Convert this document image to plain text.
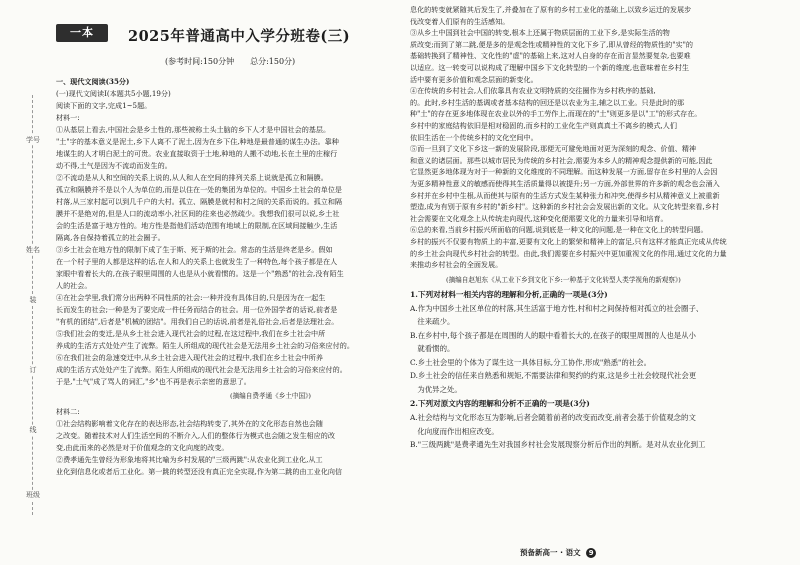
学号
姓名
装
订
线
班级
一本	2025年普通高中入学分班卷(三)
(参考时间:150分钟　　总分:150分)
一、现代文阅读(35分)
(一)现代文阅读Ⅰ(本题共5小题,19分)
阅读下面的文字,完成1~5题。
材料一:
①从基层上看去,中国社会是乡土性的,那些被称土头土脑的乡下人才是中国社会的基层。
"土"字的基本意义是泥土,乡下人离不了泥土,因为在乡下住,种地是最普通的谋生办法。靠种
地谋生的人才明白泥土的可贵。农业直接取资于土地,种地的人搬不动地,长在土里的庄稼行
动不得,土气是因为不流动而发生的。
②不流动是从人和空间的关系上说的,从人和人在空间的排列关系上说就是孤立和隔膜。
孤立和隔膜并不是以个人为单位的,而是以住在一处的集团为单位的。中国乡土社会的单位是
村落,从三家村起可以到几千户的大村。孤立、隔膜是就村和村之间的关系而说的。孤立和隔
膜并不是绝对的,但是人口的流动率小,社区间的往来也必然疏少。我想我们很可以说,乡土社
会的生活是富于地方性的。地方性是指他们活动范围有地域上的限制,在区域间接触少,生活
隔离,各自保持着孤立的社会圈子。
③乡土社会在地方性的限制下成了生于斯、死于斯的社会。常态的生活是终老是乡。假如
在一个村子里的人都是这样的话,在人和人的关系上也就发生了一种特色,每个孩子都是在人
家眼中看着长大的,在孩子眼里周围的人也是从小就看惯的。这是一个"熟悉"的社会,没有陌生
人的社会。
④在社会学里,我们常分出两种不同性质的社会:一种并没有具体目的,只是因为在一起生
长而发生的社会;一种是为了要完成一件任务而结合的社会。用一位外国学者的话说,前者是
"有机的团结",后者是"机械的团结"。用我们自己的话说,前者是礼俗社会,后者是法理社会。
⑤我们社会的变迁,是从乡土社会进入现代社会的过程,在这过程中,我们在乡土社会中所
养成的生活方式处处产生了流弊。陌生人所组成的现代社会是无法用乡土社会的习俗来应付的。
⑥在我们社会的急速变迁中,从乡土社会进入现代社会的过程中,我们在乡土社会中所养
成的生活方式处处产生了流弊。陌生人所组成的现代社会是无法用乡土社会的习俗来应付的。
于是,"土气"成了骂人的词汇,"乡"也不再是表示亲密的意思了。
(摘编自费孝通《乡土中国》)
材料二:
①社会结构影响着文化存在的表达形态,社会结构转变了,其外在的文化形态自然也会随
之改变。随着技术对人们生活空间的不断介入,人们的整体行为模式也会随之发生相应的改
变,由此而来的必然是对于价值观念的文化向度的改变。
②费孝通先生曾经为形象地将其比喻为乡村发展的"三级两跳":从农业化到工业化,从工
业化到信息化或者后工业化。第一跳的转型还没有真正完全实现,作为第二跳的由工业化向信
息化的转变就紧随其后发生了,并叠加在了原有的乡村工业化的基础上,以致乡运迁的发展步
伐改变着人们原有的生活感知。
③从乡土中国到社会中国的转变,根本上还属于物质层面的工业下乡,是实际生活的物
质改变;而到了第二跳,便是多的是观念性或精神性的文化下乡了,即从曾经的物质性的"实"的
基础转换到了精神性、文化性的"虚"的基础上来,这对人自身的存在而言显然要复杂,也要难
以适应。这一转变可以说构成了理解中国乡下文化转型的一个新的维度,也意味着在乡村生
活中要有更多价值和观念层面的新变化。
④在传统的乡村社会,人们依靠具有农业文明特质的交往圈作为乡村秩序的基础,
的。此时,乡村生活的基调或者基本结构的回还是以农业为主,辅之以工业。只是此时的那
种"土"的存在更多地体现在农业以外的手工劳作上,而现在的"土"则更多是以"工"的形式存在。
乡村中的家庭结构依旧是相对稳固的,而乡村的工业化生产则真真土不离乡的模式,人们
依旧生活在一个传统乡村的文化空间中。
⑤而一旦到了文化下乡这一新的发展阶段,那便无可避免地面对更为深刻的观念、价值、精神
和意义的诸层面。那些以城市居民为传统的乡村社会,需要为本乡人的精神观念提供新的可能,因此
它显然更多地体现为对于一种新的文化维度的不同理解。而这种发展一方面,留存在乡村里的人会因
为更多精神性意义的敏感而使得其生活质量得以被提升;另一方面,外部世界的许多新的观念也会涌入
乡村并在乡村中生根,从而使其与原有的生活方式发生某种张力和冲突,使得乡村从精神意义上被重新
塑造,成为有别于原有乡村的"新乡村"。这种新的乡村社会会发展出新的文化。从文化转型来看,乡村
社会需要在文化观念上从传统走向现代,这种变化便需要文化的力量来引导和培育。
⑥总的来看,当前乡村振兴所面临的问题,说到底是一种文化的问题,是一种在文化上的转型问题。
乡村的振兴不仅要有物质上的丰富,更要有文化上的繁荣和精神上的富足,只有这样才能真正完成从传统
的乡土社会向现代乡村社会的转型。由此,我们需要在乡村振兴中更加重视文化的作用,通过文化的力量
来推动乡村社会的全面发展。
(摘编自赵旭东《从工业下乡到文化下乡:一种基于文化转型人类学视角的新观察》)
1.下列对材料一相关内容的理解和分析,正确的一项是(3分)
A.作为中国乡土社区单位的村落,其生活富于地方性,村和村之间保持相对孤立的社会圈子、
　往来疏少。
B.在乡村中,每个孩子都是在周围的人的眼中看着长大的,在孩子的眼里周围的人也是从小
　就看惯的。
C.乡土社会里的个体为了谋生这一具体目标,分工协作,形成"熟悉"的社会。
D.乡土社会的信任来自熟悉和规矩,不需要法律和契约的约束,这是乡土社会较现代社会更
　为优异之处。
2.下列对原文内容的理解和分析不正确的一项是(3分)
A.社会结构与文化形态互为影响,后者会随着前者的改变而改变,前者会基于价值观念的文
　化向度而作出相应改变。
B."三级两跳"是费孝通先生对我国乡村社会发展现察分析后作出的判断。是对从农业化到工
预备新高一 · 语文 9
